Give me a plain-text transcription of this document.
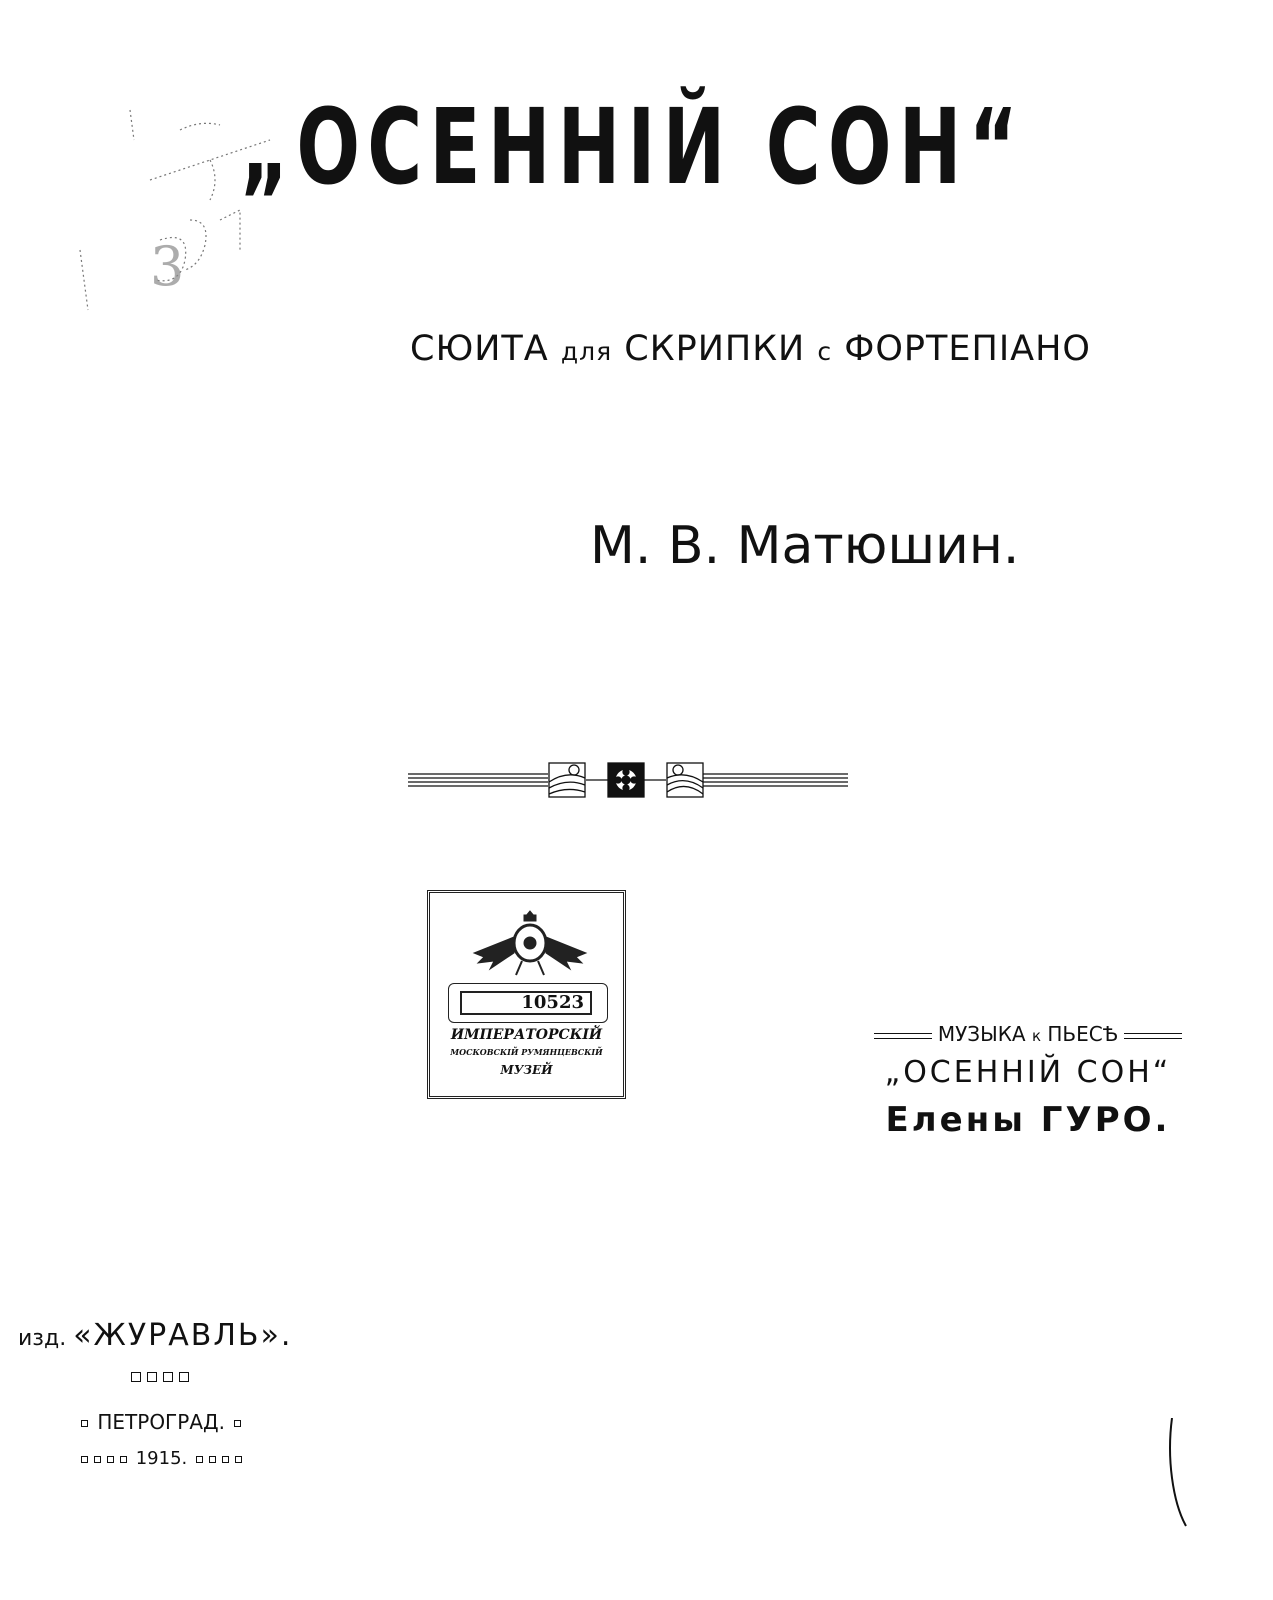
3
„ОСЕННІЙ СОН“
СЮИТА для СКРИПКИ с ФОРТЕПІАНО
М. В. Матюшин.
10523
ИМПЕРАТОРСКІЙ
МОСКОВСКІЙ РУМЯНЦЕВСКІЙ
МУЗЕЙ
МУЗЫКА к ПЬЕСѢ
„ОСЕННІЙ СОН“
Елены ГУРО.
изд. «ЖУРАВЛЬ».
ПЕТРОГРАД.
1915.
